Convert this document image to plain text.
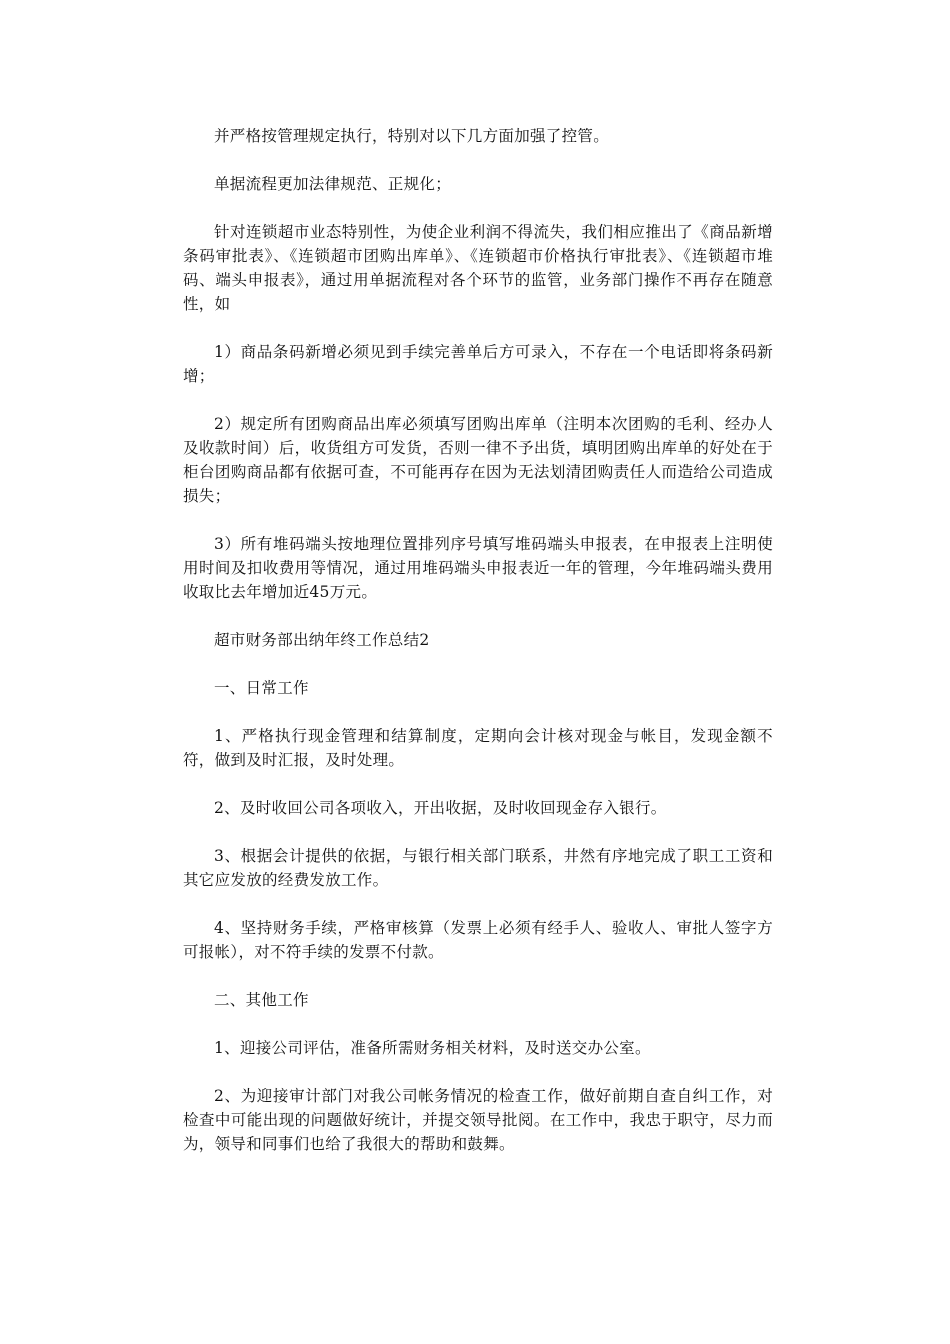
并严格按管理规定执行，特别对以下几方面加强了控管。

单据流程更加法律规范、正规化；

针对连锁超市业态特别性，为使企业利润不得流失，我们相应推出了《商品新增条码审批表》、《连锁超市团购出库单》、《连锁超市价格执行审批表》、《连锁超市堆码、端头申报表》，通过用单据流程对各个环节的监管，业务部门操作不再存在随意性，如

1）商品条码新增必须见到手续完善单后方可录入，不存在一个电话即将条码新增；

2）规定所有团购商品出库必须填写团购出库单（注明本次团购的毛利、经办人及收款时间）后，收货组方可发货，否则一律不予出货，填明团购出库单的好处在于柜台团购商品都有依据可查，不可能再存在因为无法划清团购责任人而造给公司造成损失；

3）所有堆码端头按地理位置排列序号填写堆码端头申报表，在申报表上注明使用时间及扣收费用等情况，通过用堆码端头申报表近一年的管理，今年堆码端头费用收取比去年增加近45万元。

超市财务部出纳年终工作总结2

一、日常工作

1、严格执行现金管理和结算制度，定期向会计核对现金与帐目，发现金额不符，做到及时汇报，及时处理。

2、及时收回公司各项收入，开出收据，及时收回现金存入银行。

3、根据会计提供的依据，与银行相关部门联系，井然有序地完成了职工工资和其它应发放的经费发放工作。

4、坚持财务手续，严格审核算（发票上必须有经手人、验收人、审批人签字方可报帐），对不符手续的发票不付款。

二、其他工作

1、迎接公司评估，准备所需财务相关材料，及时送交办公室。

2、为迎接审计部门对我公司帐务情况的检查工作，做好前期自查自纠工作，对检查中可能出现的问题做好统计，并提交领导批阅。在工作中，我忠于职守，尽力而为，领导和同事们也给了我很大的帮助和鼓舞。
